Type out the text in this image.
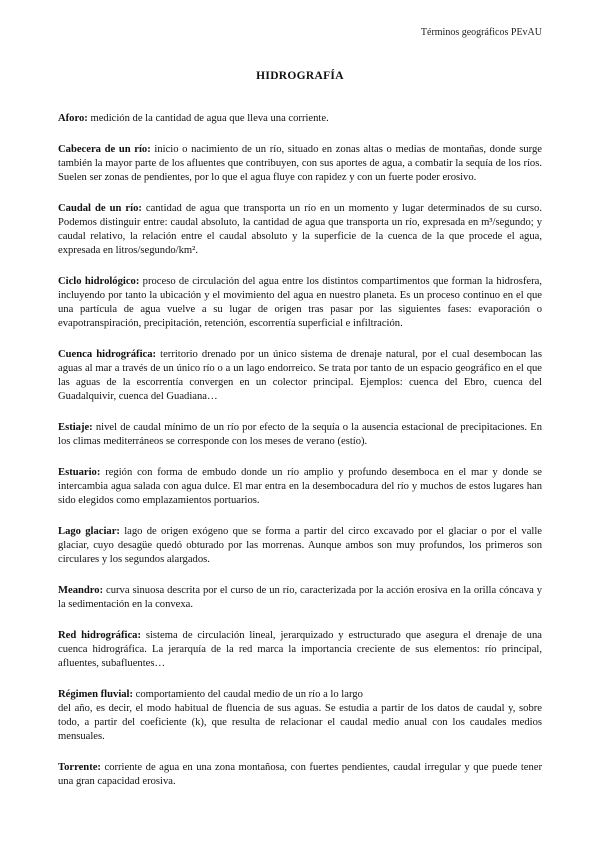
Términos geográficos PEvAU
HIDROGRAFÍA

Aforo: medición de la cantidad de agua que lleva una corriente.

Cabecera de un río: inicio o nacimiento de un río, situado en zonas altas o medias de montañas, donde surge también la mayor parte de los afluentes que contribuyen, con sus aportes de agua, a combatir la sequía de los ríos. Suelen ser zonas de pendientes, por lo que el agua fluye con rapidez y con un fuerte poder erosivo.

Caudal de un río: cantidad de agua que transporta un río en un momento y lugar determinados de su curso. Podemos distinguir entre: caudal absoluto, la cantidad de agua que transporta un río, expresada en m³/segundo; y caudal relativo, la relación entre el caudal absoluto y la superficie de la cuenca de la que procede el agua, expresada en litros/segundo/km².

Ciclo hidrológico: proceso de circulación del agua entre los distintos compartimentos que forman la hidrosfera, incluyendo por tanto la ubicación y el movimiento del agua en nuestro planeta. Es un proceso continuo en el que una partícula de agua vuelve a su lugar de origen tras pasar por las siguientes fases: evaporación o evapotranspiración, precipitación, retención, escorrentía superficial e infiltración.

Cuenca hidrográfica: territorio drenado por un único sistema de drenaje natural, por el cual desembocan las aguas al mar a través de un único río o a un lago endorreico. Se trata por tanto de un espacio geográfico en el que las aguas de la escorrentía convergen en un colector principal. Ejemplos: cuenca del Ebro, cuenca del Guadalquivir, cuenca del Guadiana…

Estiaje: nivel de caudal mínimo de un río por efecto de la sequía o la ausencia estacional de precipitaciones. En los climas mediterráneos se corresponde con los meses de verano (estío).

Estuario: región con forma de embudo donde un río amplio y profundo desemboca en el mar y donde se intercambia agua salada con agua dulce. El mar entra en la desembocadura del río y muchos de estos lugares han sido elegidos como emplazamientos portuarios.

Lago glaciar: lago de origen exógeno que se forma a partir del circo excavado por el glaciar o por el valle glaciar, cuyo desagüe quedó obturado por las morrenas. Aunque ambos son muy profundos, los primeros son circulares y los segundos alargados.

Meandro: curva sinuosa descrita por el curso de un río, caracterizada por la acción erosiva en la orilla cóncava y la sedimentación en la convexa.

Red hidrográfica: sistema de circulación lineal, jerarquizado y estructurado que asegura el drenaje de una cuenca hidrográfica. La jerarquía de la red marca la importancia creciente de sus elementos: río principal, afluentes, subafluentes…

Régimen fluvial: comportamiento del caudal medio de un río a lo largo
del año, es decir, el modo habitual de fluencia de sus aguas. Se estudia a partir de los datos de caudal y, sobre todo, a partir del coeficiente (k), que resulta de relacionar el caudal medio anual con los caudales medios mensuales.

Torrente: corriente de agua en una zona montañosa, con fuertes pendientes, caudal irregular y que puede tener una gran capacidad erosiva.
